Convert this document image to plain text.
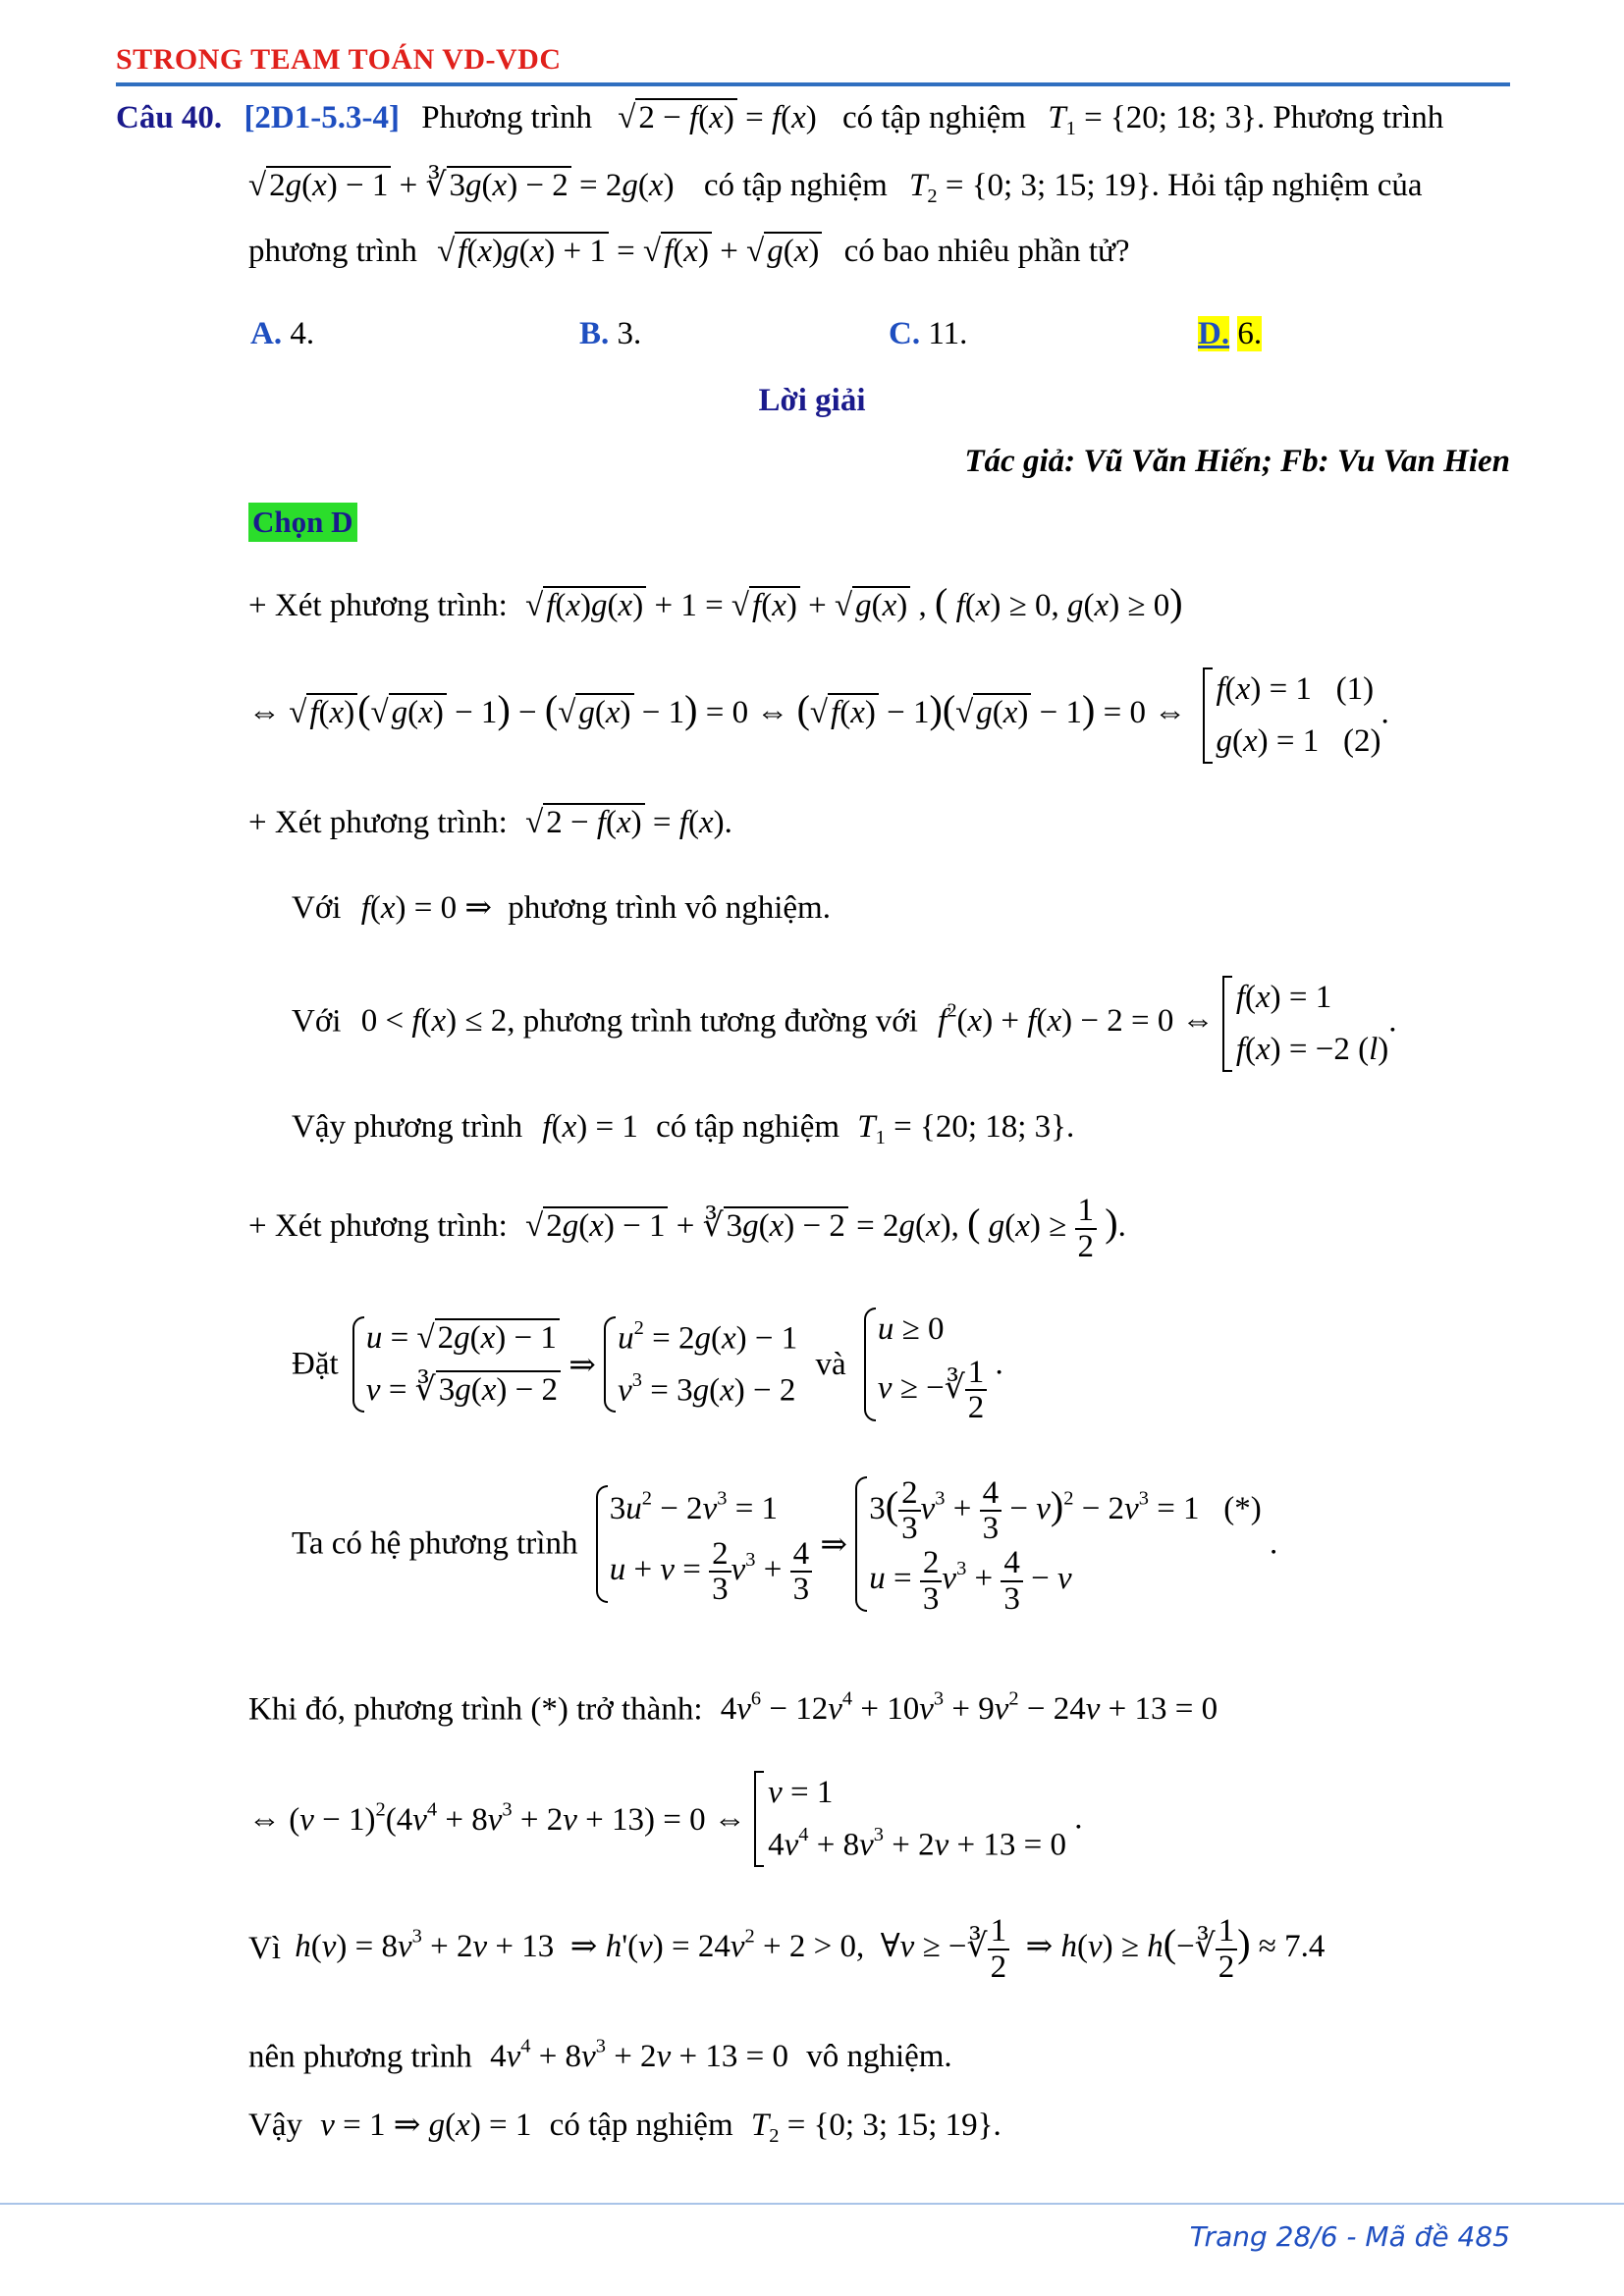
STRONG TEAM TOÁN VD-VDC
Câu 40. [2D1-5.3-4] Phương trình √2 − f(x) = f(x) có tập nghiệm $T_1 = \{20$; 18; 3}. Phương trình
√2g(x) − 1 + ∛3g(x) − 2 = 2g(x) có tập nghiệm $T_2 = \{0$; 3; 15; 19}. Hỏi tập nghiệm của
phương trình √f(x)g(x) + 1 = √f(x) + √g(x) có bao nhiêu phần tử?
A. 4.	B. 3.	C. 11.	D. 6.
Lời giải
Tác giả: Vũ Văn Hiến; Fb: Vu Van Hien
Chọn D
+ Xét phương trình: √f(x)g(x) + 1 = √f(x) + √g(x) , ( f(x) ≥ 0, g(x) ≥ 0)
⇔ √f(x)(√g(x) − 1) − (√g(x) − 1) = 0 ⇔ (√f(x) − 1)(√g(x) − 1) = 0 ⇔
f(x) = 1   (1)
g(x) = 1   (2)
.
+ Xét phương trình: √2 − f(x) = f(x).
Với f(x) = 0 ⇒ phương trình vô nghiệm.
Với 0 < f(x) ≤ 2, phương trình tương đường với $f^2(x) + f(x) - 2 = 0$ ⇔
f(x) = 1
f(x) = −2 (l)
.
Vậy phương trình f(x) = 1 có tập nghiệm $T_1 = \{20$; 18; 3}.
+ Xét phương trình: √2g(x) − 1 + ∛3g(x) − 2 = 2g(x), ( $g(x) \ge \frac{1}{2}$ ).
Đặt
u = √2g(x) − 1
v = ∛3g(x) − 2
⇒
$u^2 = 2g(x) - 1$
$v^3 = 3g(x) - 2$
và
u ≥ 0
v ≥ −∛ $\frac{1}{2}$ .
Ta có hệ phương trình
$3u^2 - 2v^3 = 1$
$u + v = \frac{2}{3} v^3 + \frac{4}{3}$ ⇒
$3( \frac{2}{3} v^3 + \frac{4}{3} - v)^2 - 2v^3 = 1$   (*)
$u = \frac{2}{3} v^3 + \frac{4}{3} - v$
.
Khi đó, phương trình (*) trở thành: $4v^6 - 12v^4 + 10v^3 + 9v^2 - 24v + 13 = 0$
⇔ $(v - 1)^2(4v^4 + 8v^3 + 2v + 13) = 0$ ⇔
v = 1
$4v^4 + 8v^3 + 2v + 13 = 0$
.
Vì $h(v) = 8v^3 + 2v + 13$  ⇒ $h'(v) = 24v^2 + 2 > 0$,  ∀v ≥ −∛ $\frac{1}{2}$ ⇒ h(v) ≥ h(−∛ $\frac{1}{2}$ ) ≈ 7.4
nên phương trình $4v^4 + 8v^3 + 2v + 13 = 0$ vô nghiệm.
Vậy v = 1 ⇒ g(x) = 1 có tập nghiệm $T_2 = \{0$; 3; 15; 19}.
Trang 28/6 - Mã đề 485
